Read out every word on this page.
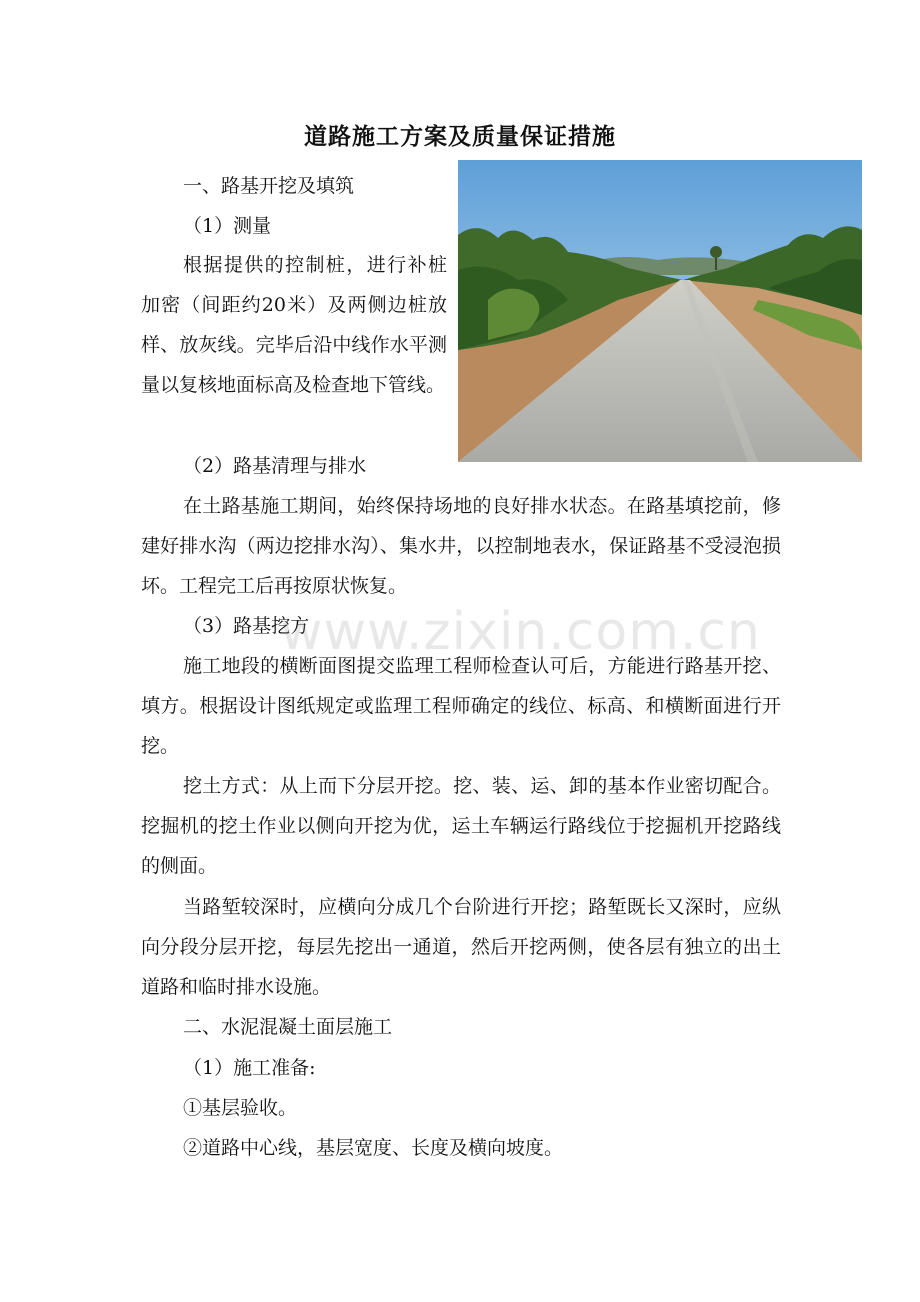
道路施工方案及质量保证措施
一、路基开挖及填筑
（1）测量
根据提供的控制桩，进行补桩加密（间距约20米）及两侧边桩放样、放灰线。完毕后沿中线作水平测量以复核地面标高及检查地下管线。
（2）路基清理与排水
在土路基施工期间，始终保持场地的良好排水状态。在路基填挖前，修建好排水沟（两边挖排水沟）、集水井，以控制地表水，保证路基不受浸泡损坏。工程完工后再按原状恢复。
（3）路基挖方
施工地段的横断面图提交监理工程师检查认可后，方能进行路基开挖、填方。根据设计图纸规定或监理工程师确定的线位、标高、和横断面进行开挖。
挖土方式：从上而下分层开挖。挖、装、运、卸的基本作业密切配合。挖掘机的挖土作业以侧向开挖为优，运土车辆运行路线位于挖掘机开挖路线的侧面。
当路堑较深时，应横向分成几个台阶进行开挖；路堑既长又深时，应纵向分段分层开挖，每层先挖出一通道，然后开挖两侧，使各层有独立的出土道路和临时排水设施。
二、水泥混凝土面层施工
（1）施工准备:
①基层验收。
②道路中心线，基层宽度、长度及横向坡度。
www.zixin.com.cn
